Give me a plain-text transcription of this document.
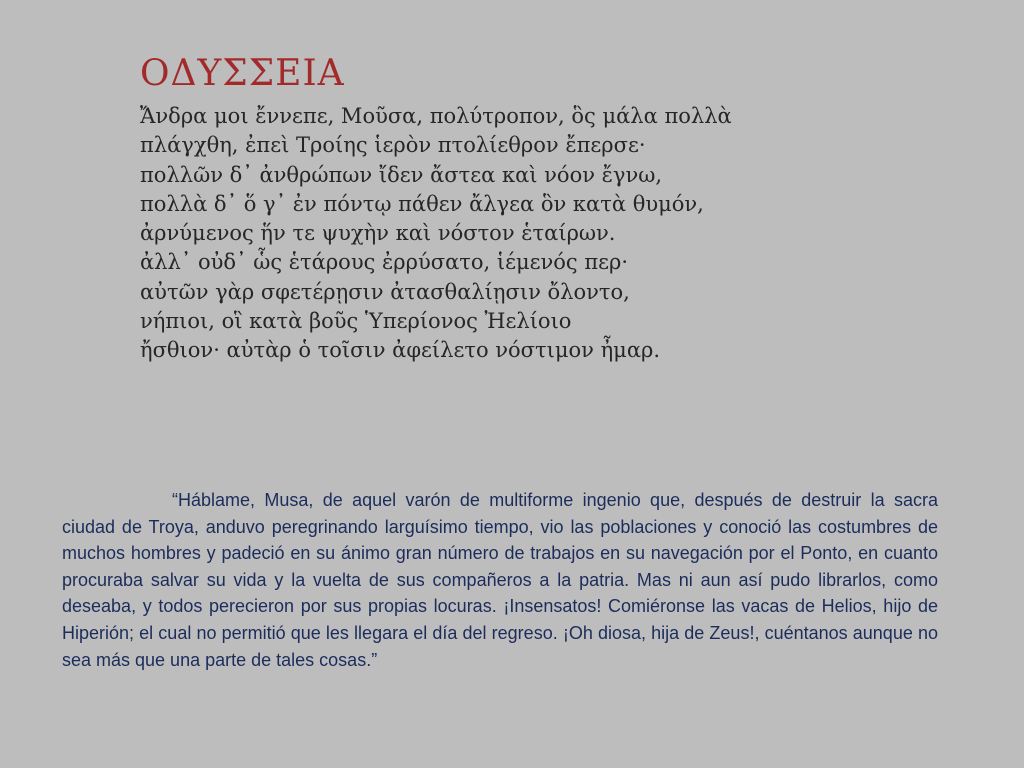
ΟΔΥΣΣΕΙΑ
Ἄνδρα μοι ἔννεπε, Μοῦσα, πολύτροπον, ὃς μάλα πολλὰ
πλάγχθη, ἐπεὶ Τροίης ἱερὸν πτολίεθρον ἔπερσε·
πολλῶν δ᾽ ἀνθρώπων ἴδεν ἄστεα καὶ νόον ἔγνω,
πολλὰ δ᾽ ὅ γ᾽ ἐν πόντῳ πάθεν ἄλγεα ὃν κατὰ θυμόν,
ἀρνύμενος ἥν τε ψυχὴν καὶ νόστον ἑταίρων.
ἀλλ᾽ οὐδ᾽ ὧς ἑτάρους ἐρρύσατο, ἱέμενός περ·
αὐτῶν γὰρ σφετέρῃσιν ἀτασθαλίῃσιν ὄλοντο,
νήπιοι, οἳ κατὰ βοῦς Ὑπερίονος Ἠελίοιο
ἤσθιον· αὐτὰρ ὁ τοῖσιν ἀφείλετο νόστιμον ἦμαρ.

“Háblame, Musa, de aquel varón de multiforme ingenio que, después de destruir la sacra ciudad de Troya, anduvo peregrinando larguísimo tiempo, vio las poblaciones y conoció las costumbres de muchos hombres y padeció en su ánimo gran número de trabajos en su navegación por el Ponto, en cuanto procuraba salvar su vida y la vuelta de sus compañeros a la patria. Mas ni aun así pudo librarlos, como deseaba, y todos perecieron por sus propias locuras. ¡Insensatos! Comiéronse las vacas de Helios, hijo de Hiperión; el cual no permitió que les llegara el día del regreso. ¡Oh diosa, hija de Zeus!, cuéntanos aunque no sea más que una parte de tales cosas.”
